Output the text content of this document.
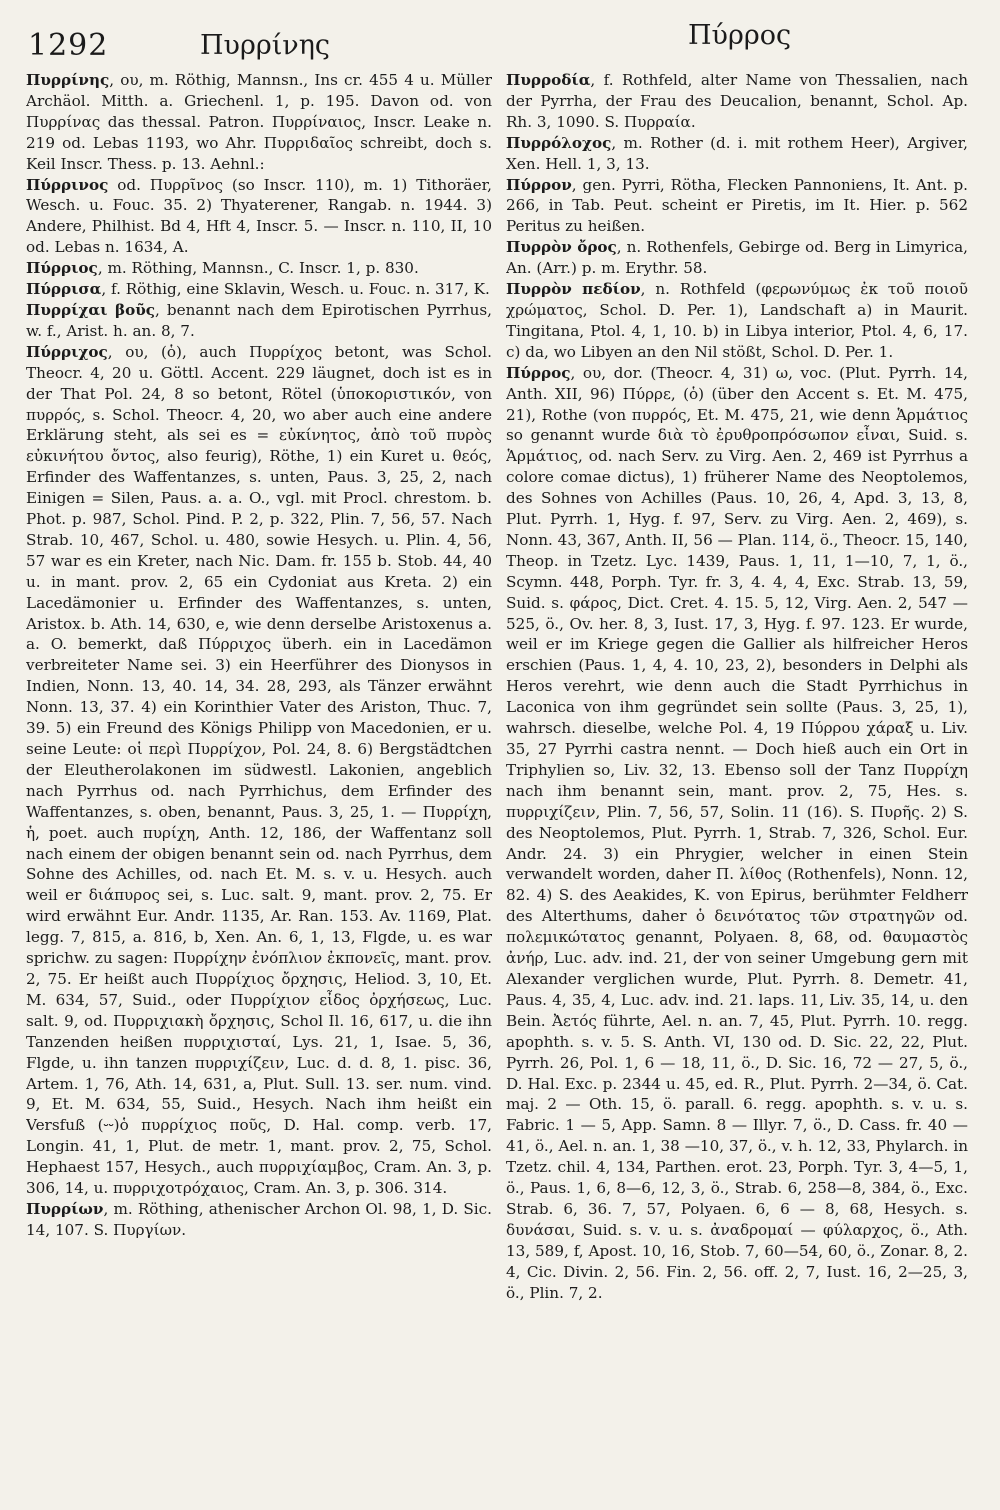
1292	Πυρρίνης	Πύρρος

Πυρρίνης, ου, m. Röthig, Mannsn., Ins cr. 455 4 u. Müller Archäol. Mitth. a. Griechenl. 1, p. 195. Davon od. von Πυρρίνας das thessal. Patron. Πυρρίναιος, Inscr. Leake n. 219 od. Lebas 1193, wo Ahr. Πυρριδαῖος schreibt, doch s. Keil Inscr. Thess. p. 13. Aehnl.:

Πύρρινος od. Πυρρῖνος (so Inscr. 110), m. 1) Tithoräer, Wesch. u. Fouc. 35. 2) Thyaterener, Rangab. n. 1944. 3) Andere, Philhist. Bd 4, Hft 4, Inscr. 5. — Inscr. n. 110, II, 10 od. Lebas n. 1634, A.

Πύρριος, m. Röthing, Mannsn., C. Inscr. 1, p. 830.

Πύρρισα, f. Röthig, eine Sklavin, Wesch. u. Fouc. n. 317, K.

Πυρρίχαι βοῦς, benannt nach dem Epirotischen Pyrrhus, w. f., Arist. h. an. 8, 7.

Πύρριχος, ου, (ὁ), auch Πυρρίχος betont, was Schol. Theocr. 4, 20 u. Göttl. Accent. 229 läugnet, doch ist es in der That Pol. 24, 8 so betont, Rötel (ὑποκοριστικόν, von πυρρός, s. Schol. Theocr. 4, 20, wo aber auch eine andere Erklärung steht, als sei es = εὐκίνητος, ἀπὸ τοῦ πυρὸς εὐκινήτου ὄντος, also feurig), Röthe, 1) ein Kuret u. θεός, Erfinder des Waffentanzes, s. unten, Paus. 3, 25, 2, nach Einigen = Silen, Paus. a. a. O., vgl. mit Procl. chrestom. b. Phot. p. 987, Schol. Pind. P. 2, p. 322, Plin. 7, 56, 57. Nach Strab. 10, 467, Schol. u. 480, sowie Hesych. u. Plin. 4, 56, 57 war es ein Kreter, nach Nic. Dam. fr. 155 b. Stob. 44, 40 u. in mant. prov. 2, 65 ein Cydoniat aus Kreta. 2) ein Lacedämonier u. Erfinder des Waffentanzes, s. unten, Aristox. b. Ath. 14, 630, e, wie denn derselbe Aristoxenus a. a. O. bemerkt, daß Πύρριχος überh. ein in Lacedämon verbreiteter Name sei. 3) ein Heerführer des Dionysos in Indien, Nonn. 13, 40. 14, 34. 28, 293, als Tänzer erwähnt Nonn. 13, 37. 4) ein Korinthier Vater des Ariston, Thuc. 7, 39. 5) ein Freund des Königs Philipp von Macedonien, er u. seine Leute: οἱ περὶ Πυρρίχον, Pol. 24, 8. 6) Bergstädtchen der Eleutherolakonen im südwestl. Lakonien, angeblich nach Pyrrhus od. nach Pyrrhichus, dem Erfinder des Waffentanzes, s. oben, benannt, Paus. 3, 25, 1. — Πυρρίχη, ἡ, poet. auch πυρίχη, Anth. 12, 186, der Waffentanz soll nach einem der obigen benannt sein od. nach Pyrrhus, dem Sohne des Achilles, od. nach Et. M. s. v. u. Hesych. auch weil er διάπυρος sei, s. Luc. salt. 9, mant. prov. 2, 75. Er wird erwähnt Eur. Andr. 1135, Ar. Ran. 153. Av. 1169, Plat. legg. 7, 815, a. 816, b, Xen. An. 6, 1, 13, Flgde, u. es war sprichw. zu sagen: Πυρρίχην ἐνόπλιον ἐκπονεῖς, mant. prov. 2, 75. Er heißt auch Πυρρίχιος ὄρχησις, Heliod. 3, 10, Et. M. 634, 57, Suid., oder Πυρρίχιον εἶδος ὀρχήσεως, Luc. salt. 9, od. Πυρριχιακὴ ὄρχησις, Schol Il. 16, 617, u. die ihn Tanzenden heißen πυρριχισταί, Lys. 21, 1, Isae. 5, 36, Flgde, u. ihn tanzen πυρριχίζειν, Luc. d. d. 8, 1. pisc. 36, Artem. 1, 76, Ath. 14, 631, a, Plut. Sull. 13. ser. num. vind. 9, Et. M. 634, 55, Suid., Hesych. Nach ihm heißt ein Versfuß (⏑⏑)ὁ πυρρίχιος ποῦς, D. Hal. comp. verb. 17, Longin. 41, 1, Plut. de metr. 1, mant. prov. 2, 75, Schol. Hephaest 157, Hesych., auch πυρριχίαμβος, Cram. An. 3, p. 306, 14, u. πυρριχοτρόχαιος, Cram. An. 3, p. 306. 314.

Πυρρίων, m. Röthing, athenischer Archon Ol. 98, 1, D. Sic. 14, 107. S. Πυργίων.

Πυρροδία, f. Rothfeld, alter Name von Thessalien, nach der Pyrrha, der Frau des Deucalion, benannt, Schol. Ap. Rh. 3, 1090. S. Πυρραία.

Πυρρόλοχος, m. Rother (d. i. mit rothem Heer), Argiver, Xen. Hell. 1, 3, 13.

Πύρρον, gen. Pyrri, Rötha, Flecken Pannoniens, It. Ant. p. 266, in Tab. Peut. scheint er Piretis, im It. Hier. p. 562 Peritus zu heißen.

Πυρρὸν ὄρος, n. Rothenfels, Gebirge od. Berg in Limyrica, An. (Arr.) p. m. Erythr. 58.

Πυρρὸν πεδίον, n. Rothfeld (φερωνύμως ἐκ τοῦ ποιοῦ χρώματος, Schol. D. Per. 1), Landschaft a) in Maurit. Tingitana, Ptol. 4, 1, 10. b) in Libya interior, Ptol. 4, 6, 17. c) da, wo Libyen an den Nil stößt, Schol. D. Per. 1.

Πύρρος, ου, dor. (Theocr. 4, 31) ω, voc. (Plut. Pyrrh. 14, Anth. XII, 96) Πύρρε, (ὁ) (über den Accent s. Et. M. 475, 21), Rothe (von πυρρός, Et. M. 475, 21, wie denn Ἁρμάτιος so genannt wurde διὰ τὸ ἐρυθροπρόσωπον εἶναι, Suid. s. Ἁρμάτιος, od. nach Serv. zu Virg. Aen. 2, 469 ist Pyrrhus a colore comae dictus), 1) früherer Name des Neoptolemos, des Sohnes von Achilles (Paus. 10, 26, 4, Apd. 3, 13, 8, Plut. Pyrrh. 1, Hyg. f. 97, Serv. zu Virg. Aen. 2, 469), s. Nonn. 43, 367, Anth. II, 56 — Plan. 114, ö., Theocr. 15, 140, Theop. in Tzetz. Lyc. 1439, Paus. 1, 11, 1—10, 7, 1, ö., Scymn. 448, Porph. Tyr. fr. 3, 4. 4, 4, Exc. Strab. 13, 59, Suid. s. φάρος, Dict. Cret. 4. 15. 5, 12, Virg. Aen. 2, 547 — 525, ö., Ov. her. 8, 3, Iust. 17, 3, Hyg. f. 97. 123. Er wurde, weil er im Kriege gegen die Gallier als hilfreicher Heros erschien (Paus. 1, 4, 4. 10, 23, 2), besonders in Delphi als Heros verehrt, wie denn auch die Stadt Pyrrhichus in Laconica von ihm gegründet sein sollte (Paus. 3, 25, 1), wahrsch. dieselbe, welche Pol. 4, 19 Πύρρου χάραξ u. Liv. 35, 27 Pyrrhi castra nennt. — Doch hieß auch ein Ort in Triphylien so, Liv. 32, 13. Ebenso soll der Tanz Πυρρίχη nach ihm benannt sein, mant. prov. 2, 75, Hes. s. πυρριχίζειν, Plin. 7, 56, 57, Solin. 11 (16). S. Πυρῆς. 2) S. des Neoptolemos, Plut. Pyrrh. 1, Strab. 7, 326, Schol. Eur. Andr. 24. 3) ein Phrygier, welcher in einen Stein verwandelt worden, daher Π. λίθος (Rothenfels), Nonn. 12, 82. 4) S. des Aeakides, K. von Epirus, berühmter Feldherr des Alterthums, daher ὁ δεινότατος τῶν στρατηγῶν od. πολεμικώτατος genannt, Polyaen. 8, 68, od. θαυμαστὸς ἀνήρ, Luc. adv. ind. 21, der von seiner Umgebung gern mit Alexander verglichen wurde, Plut. Pyrrh. 8. Demetr. 41, Paus. 4, 35, 4, Luc. adv. ind. 21. laps. 11, Liv. 35, 14, u. den Bein. Ἀετός führte, Ael. n. an. 7, 45, Plut. Pyrrh. 10. regg. apophth. s. v. 5. S. Anth. VI, 130 od. D. Sic. 22, 22, Plut. Pyrrh. 26, Pol. 1, 6 — 18, 11, ö., D. Sic. 16, 72 — 27, 5, ö., D. Hal. Exc. p. 2344 u. 45, ed. R., Plut. Pyrrh. 2—34, ö. Cat. maj. 2 — Oth. 15, ö. parall. 6. regg. apophth. s. v. u. s. Fabric. 1 — 5, App. Samn. 8 — Illyr. 7, ö., D. Cass. fr. 40 — 41, ö., Ael. n. an. 1, 38 —10, 37, ö., v. h. 12, 33, Phylarch. in Tzetz. chil. 4, 134, Parthen. erot. 23, Porph. Tyr. 3, 4—5, 1, ö., Paus. 1, 6, 8—6, 12, 3, ö., Strab. 6, 258—8, 384, ö., Exc. Strab. 6, 36. 7, 57, Polyaen. 6, 6 — 8, 68, Hesych. s. δυνάσαι, Suid. s. v. u. s. ἀναδρομαί — φύλαρχος, ö., Ath. 13, 589, f, Apost. 10, 16, Stob. 7, 60—54, 60, ö., Zonar. 8, 2. 4, Cic. Divin. 2, 56. Fin. 2, 56. off. 2, 7, Iust. 16, 2—25, 3, ö., Plin. 7, 2.
